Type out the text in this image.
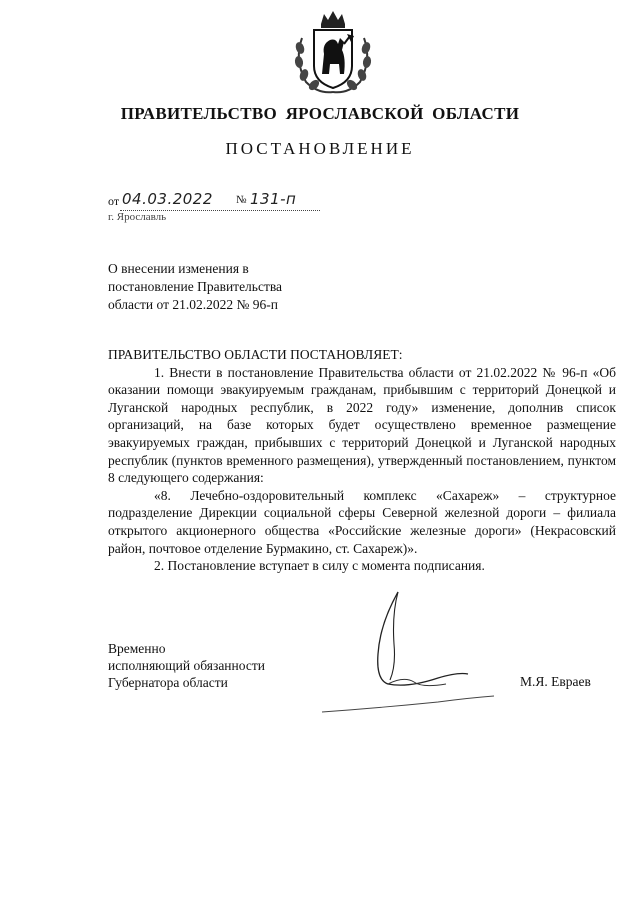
ПРАВИТЕЛЬСТВО ЯРОСЛАВСКОЙ ОБЛАСТИ
ПОСТАНОВЛЕНИЕ
от 04.03.2022 № 131-п
г. Ярославль
О внесении изменения в
постановление Правительства
области от 21.02.2022 № 96-п

ПРАВИТЕЛЬСТВО ОБЛАСТИ ПОСТАНОВЛЯЕТ:

1. Внести в постановление Правительства области от 21.02.2022 № 96-п «Об оказании помощи эвакуируемым гражданам, прибывшим с территорий Донецкой и Луганской народных республик, в 2022 году» изменение, дополнив список организаций, на базе которых будет осуществлено временное размещение эвакуируемых граждан, прибывших с территорий Донецкой и Луганской народных республик (пунктов временного размещения), утвержденный постановлением, пунктом 8 следующего содержания:

«8. Лечебно-оздоровительный комплекс «Сахареж» – структурное подразделение Дирекции социальной сферы Северной железной дороги – филиала открытого акционерного общества «Российские железные дороги» (Некрасовский район, почтовое отделение Бурмакино, ст. Сахареж)».

2. Постановление вступает в силу с момента подписания.

Временно
исполняющий обязанности
Губернатора области	М.Я. Евраев
